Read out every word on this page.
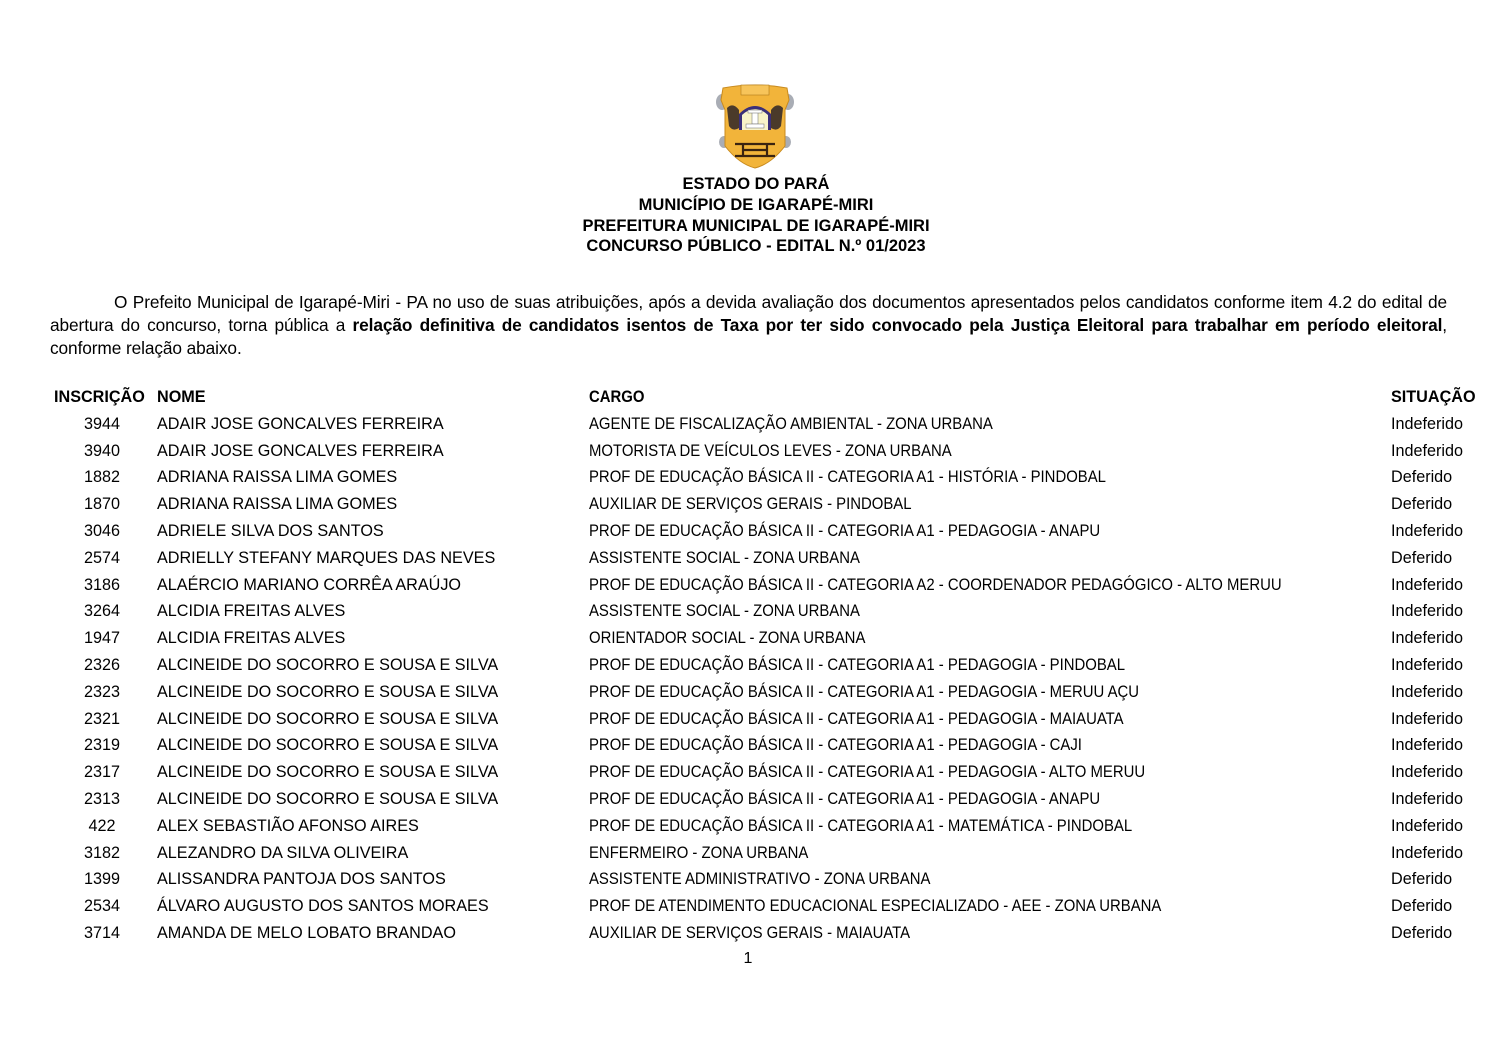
ESTADO DO PARÁ
MUNICÍPIO DE IGARAPÉ-MIRI
PREFEITURA MUNICIPAL DE IGARAPÉ-MIRI
CONCURSO PÚBLICO - EDITAL N.º 01/2023
O Prefeito Municipal de Igarapé-Miri - PA no uso de suas atribuições, após a devida avaliação dos documentos apresentados pelos candidatos conforme item 4.2 do edital de abertura do concurso, torna pública a relação definitiva de candidatos isentos de Taxa por ter sido convocado pela Justiça Eleitoral para trabalhar em período eleitoral, conforme relação abaixo.
INSCRIÇÃO NOME	CARGO	SITUAÇÃO
3944	ADAIR JOSE GONCALVES FERREIRA	AGENTE DE FISCALIZAÇÃO AMBIENTAL - ZONA URBANA	Indeferido
3940	ADAIR JOSE GONCALVES FERREIRA	MOTORISTA DE VEÍCULOS LEVES - ZONA URBANA	Indeferido
1882	ADRIANA RAISSA LIMA GOMES	PROF DE EDUCAÇÃO BÁSICA II - CATEGORIA A1 - HISTÓRIA - PINDOBAL	Deferido
1870	ADRIANA RAISSA LIMA GOMES	AUXILIAR DE SERVIÇOS GERAIS - PINDOBAL	Deferido
3046	ADRIELE SILVA DOS SANTOS	PROF DE EDUCAÇÃO BÁSICA II - CATEGORIA A1 - PEDAGOGIA - ANAPU	Indeferido
2574	ADRIELLY STEFANY MARQUES DAS NEVES	ASSISTENTE SOCIAL - ZONA URBANA	Deferido
3186	ALAÉRCIO MARIANO CORRÊA ARAÚJO	PROF DE EDUCAÇÃO BÁSICA II - CATEGORIA A2 - COORDENADOR PEDAGÓGICO - ALTO MERUU	Indeferido
3264	ALCIDIA FREITAS ALVES	ASSISTENTE SOCIAL - ZONA URBANA	Indeferido
1947	ALCIDIA FREITAS ALVES	ORIENTADOR SOCIAL - ZONA URBANA	Indeferido
2326	ALCINEIDE DO SOCORRO E SOUSA E SILVA	PROF DE EDUCAÇÃO BÁSICA II - CATEGORIA A1 - PEDAGOGIA - PINDOBAL	Indeferido
2323	ALCINEIDE DO SOCORRO E SOUSA E SILVA	PROF DE EDUCAÇÃO BÁSICA II - CATEGORIA A1 - PEDAGOGIA - MERUU AÇU	Indeferido
2321	ALCINEIDE DO SOCORRO E SOUSA E SILVA	PROF DE EDUCAÇÃO BÁSICA II - CATEGORIA A1 - PEDAGOGIA - MAIAUATA	Indeferido
2319	ALCINEIDE DO SOCORRO E SOUSA E SILVA	PROF DE EDUCAÇÃO BÁSICA II - CATEGORIA A1 - PEDAGOGIA - CAJI	Indeferido
2317	ALCINEIDE DO SOCORRO E SOUSA E SILVA	PROF DE EDUCAÇÃO BÁSICA II - CATEGORIA A1 - PEDAGOGIA - ALTO MERUU	Indeferido
2313	ALCINEIDE DO SOCORRO E SOUSA E SILVA	PROF DE EDUCAÇÃO BÁSICA II - CATEGORIA A1 - PEDAGOGIA - ANAPU	Indeferido
422	ALEX SEBASTIÃO AFONSO AIRES	PROF DE EDUCAÇÃO BÁSICA II - CATEGORIA A1 - MATEMÁTICA - PINDOBAL	Indeferido
3182	ALEZANDRO DA SILVA OLIVEIRA	ENFERMEIRO - ZONA URBANA	Indeferido
1399	ALISSANDRA PANTOJA DOS SANTOS	ASSISTENTE ADMINISTRATIVO - ZONA URBANA	Deferido
2534	ÁLVARO AUGUSTO DOS SANTOS MORAES	PROF DE ATENDIMENTO EDUCACIONAL ESPECIALIZADO - AEE - ZONA URBANA	Deferido
3714	AMANDA DE MELO LOBATO BRANDAO	AUXILIAR DE SERVIÇOS GERAIS - MAIAUATA	Deferido
1
